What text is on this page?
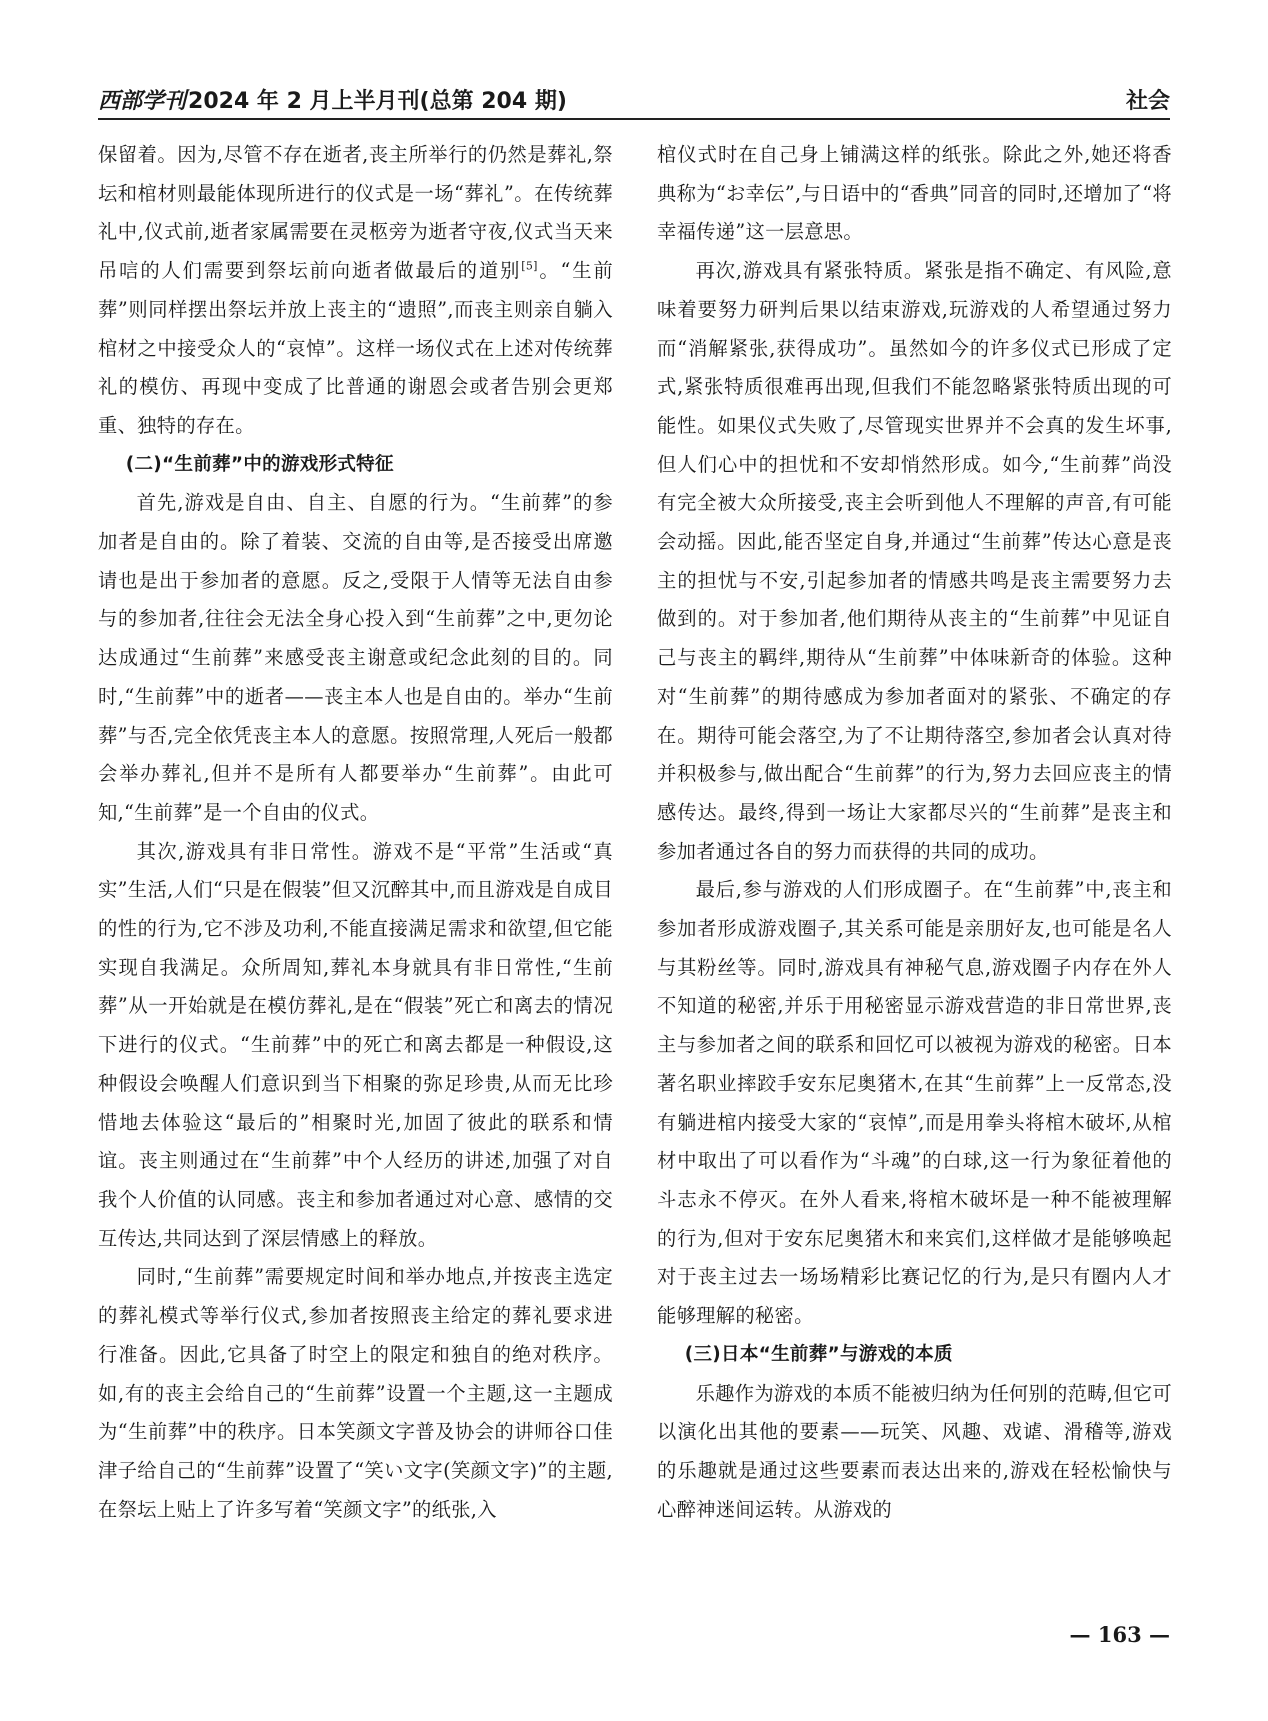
西部学刊2024 年 2 月上半月刊(总第 204 期)	社会

保留着。因为,尽管不存在逝者,丧主所举行的仍然是葬礼,祭坛和棺材则最能体现所进行的仪式是一场“葬礼”。在传统葬礼中,仪式前,逝者家属需要在灵柩旁为逝者守夜,仪式当天来吊唁的人们需要到祭坛前向逝者做最后的道别[5]。“生前葬”则同样摆出祭坛并放上丧主的“遗照”,而丧主则亲自躺入棺材之中接受众人的“哀悼”。这样一场仪式在上述对传统葬礼的模仿、再现中变成了比普通的谢恩会或者告别会更郑重、独特的存在。

(二)“生前葬”中的游戏形式特征

首先,游戏是自由、自主、自愿的行为。“生前葬”的参加者是自由的。除了着装、交流的自由等,是否接受出席邀请也是出于参加者的意愿。反之,受限于人情等无法自由参与的参加者,往往会无法全身心投入到“生前葬”之中,更勿论达成通过“生前葬”来感受丧主谢意或纪念此刻的目的。同时,“生前葬”中的逝者——丧主本人也是自由的。举办“生前葬”与否,完全依凭丧主本人的意愿。按照常理,人死后一般都会举办葬礼,但并不是所有人都要举办“生前葬”。由此可知,“生前葬”是一个自由的仪式。

其次,游戏具有非日常性。游戏不是“平常”生活或“真实”生活,人们“只是在假装”但又沉醉其中,而且游戏是自成目的性的行为,它不涉及功利,不能直接满足需求和欲望,但它能实现自我满足。众所周知,葬礼本身就具有非日常性,“生前葬”从一开始就是在模仿葬礼,是在“假装”死亡和离去的情况下进行的仪式。“生前葬”中的死亡和离去都是一种假设,这种假设会唤醒人们意识到当下相聚的弥足珍贵,从而无比珍惜地去体验这“最后的”相聚时光,加固了彼此的联系和情谊。丧主则通过在“生前葬”中个人经历的讲述,加强了对自我个人价值的认同感。丧主和参加者通过对心意、感情的交互传达,共同达到了深层情感上的释放。

同时,“生前葬”需要规定时间和举办地点,并按丧主选定的葬礼模式等举行仪式,参加者按照丧主给定的葬礼要求进行准备。因此,它具备了时空上的限定和独自的绝对秩序。如,有的丧主会给自己的“生前葬”设置一个主题,这一主题成为“生前葬”中的秩序。日本笑颜文字普及协会的讲师谷口佳津子给自己的“生前葬”设置了“笑い文字(笑颜文字)”的主题,在祭坛上贴上了许多写着“笑颜文字”的纸张,入

棺仪式时在自己身上铺满这样的纸张。除此之外,她还将香典称为“お幸伝”,与日语中的“香典”同音的同时,还增加了“将幸福传递”这一层意思。

再次,游戏具有紧张特质。紧张是指不确定、有风险,意味着要努力研判后果以结束游戏,玩游戏的人希望通过努力而“消解紧张,获得成功”。虽然如今的许多仪式已形成了定式,紧张特质很难再出现,但我们不能忽略紧张特质出现的可能性。如果仪式失败了,尽管现实世界并不会真的发生坏事,但人们心中的担忧和不安却悄然形成。如今,“生前葬”尚没有完全被大众所接受,丧主会听到他人不理解的声音,有可能会动摇。因此,能否坚定自身,并通过“生前葬”传达心意是丧主的担忧与不安,引起参加者的情感共鸣是丧主需要努力去做到的。对于参加者,他们期待从丧主的“生前葬”中见证自己与丧主的羁绊,期待从“生前葬”中体味新奇的体验。这种对“生前葬”的期待感成为参加者面对的紧张、不确定的存在。期待可能会落空,为了不让期待落空,参加者会认真对待并积极参与,做出配合“生前葬”的行为,努力去回应丧主的情感传达。最终,得到一场让大家都尽兴的“生前葬”是丧主和参加者通过各自的努力而获得的共同的成功。

最后,参与游戏的人们形成圈子。在“生前葬”中,丧主和参加者形成游戏圈子,其关系可能是亲朋好友,也可能是名人与其粉丝等。同时,游戏具有神秘气息,游戏圈子内存在外人不知道的秘密,并乐于用秘密显示游戏营造的非日常世界,丧主与参加者之间的联系和回忆可以被视为游戏的秘密。日本著名职业摔跤手安东尼奥猪木,在其“生前葬”上一反常态,没有躺进棺内接受大家的“哀悼”,而是用拳头将棺木破坏,从棺材中取出了可以看作为“斗魂”的白球,这一行为象征着他的斗志永不停灭。在外人看来,将棺木破坏是一种不能被理解的行为,但对于安东尼奥猪木和来宾们,这样做才是能够唤起对于丧主过去一场场精彩比赛记忆的行为,是只有圈内人才能够理解的秘密。

(三)日本“生前葬”与游戏的本质

乐趣作为游戏的本质不能被归纳为任何别的范畴,但它可以演化出其他的要素——玩笑、风趣、戏谑、滑稽等,游戏的乐趣就是通过这些要素而表达出来的,游戏在轻松愉快与心醉神迷间运转。从游戏的

— 163 —
